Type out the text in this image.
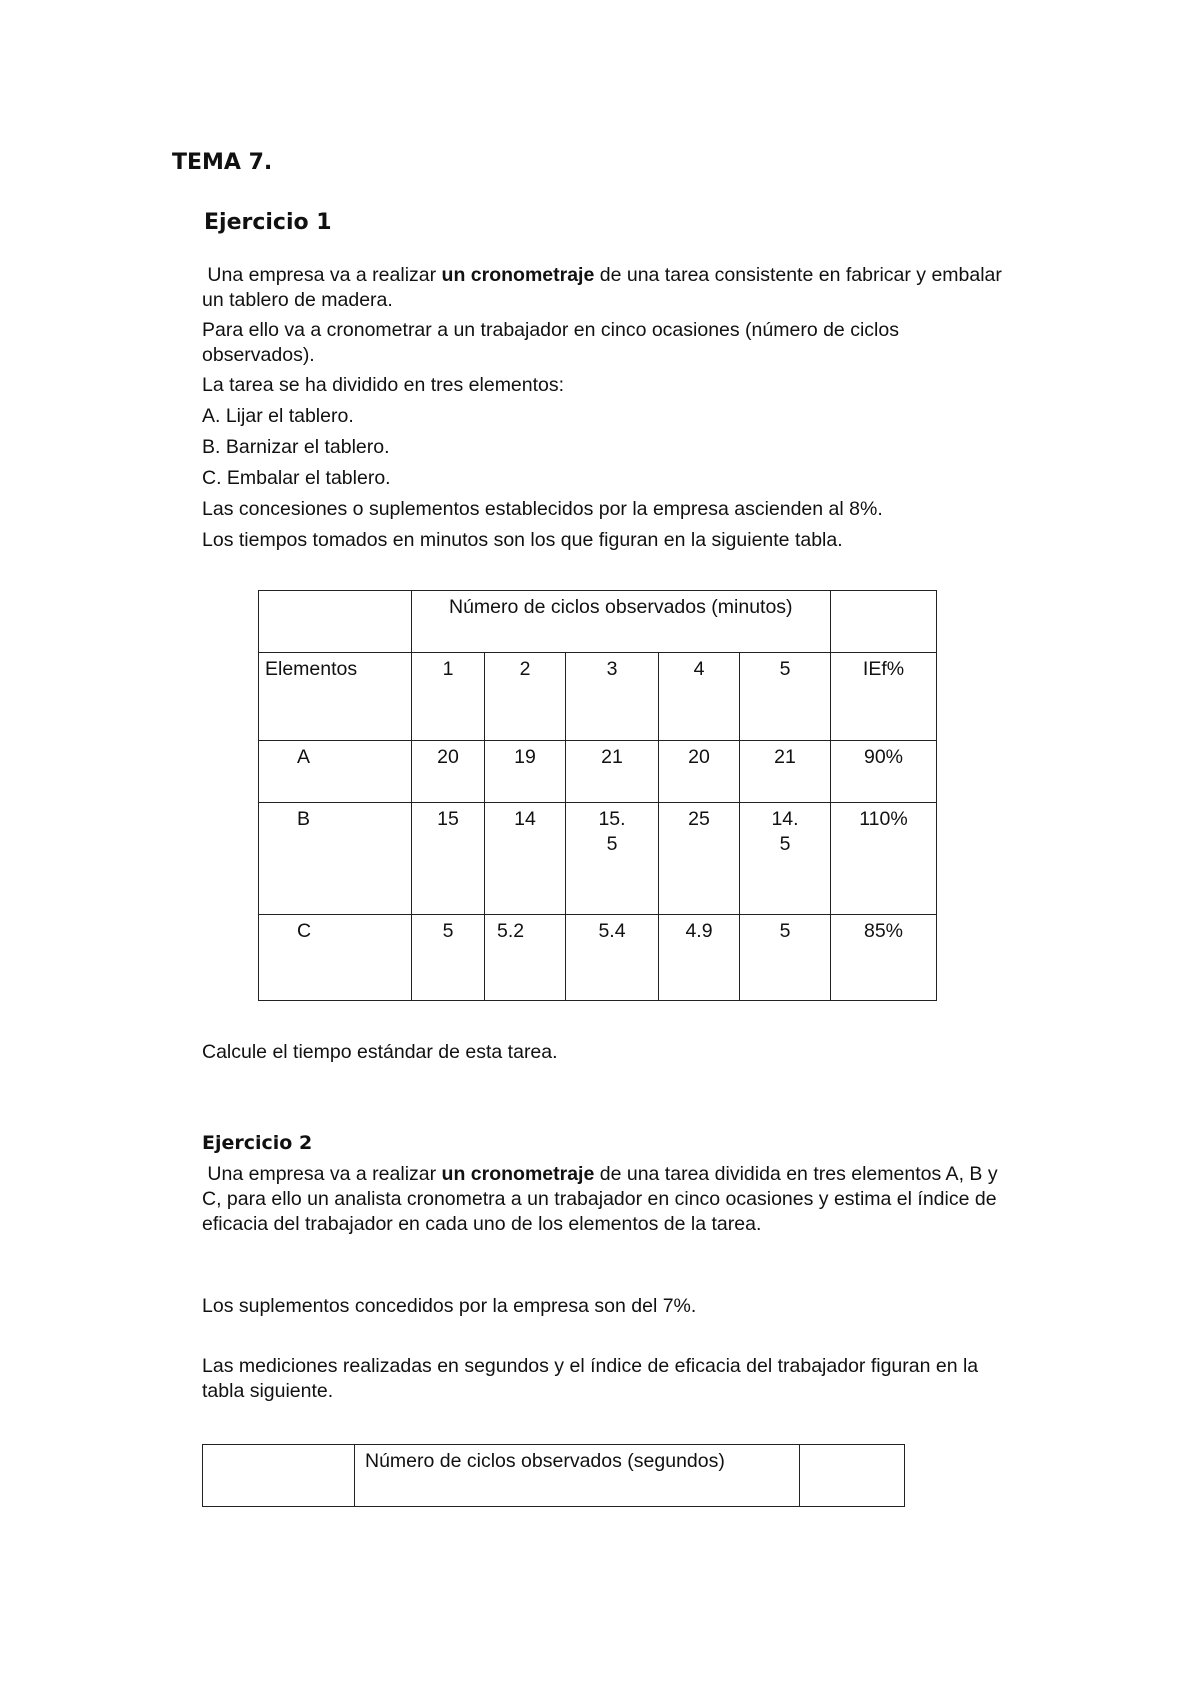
TEMA 7.
Ejercicio 1

Una empresa va a realizar un cronometraje de una tarea consistente en fabricar y embalar un tablero de madera.

Para ello va a cronometrar a un trabajador en cinco ocasiones (número de ciclos observados).

La tarea se ha dividido en tres elementos:

A. Lijar el tablero.

B. Barnizar el tablero.

C. Embalar el tablero.

Las concesiones o suplementos establecidos por la empresa ascienden al 8%.

Los tiempos tomados en minutos son los que figuran en la siguiente tabla.

	Número de ciclos observados (minutos)					
Elementos	1	2	3	4	5	IEf%
A	20	19	21	20	21	90%
B	15	14	15.5	25	14.5	110%
C	5	5.2	5.4	4.9	5	85%

Calcule el tiempo estándar de esta tarea.

Ejercicio 2

Una empresa va a realizar un cronometraje de una tarea dividida en tres elementos A, B y C, para ello un analista cronometra a un trabajador en cinco ocasiones y estima el índice de eficacia del trabajador en cada uno de los elementos de la tarea.

Los suplementos concedidos por la empresa son del 7%.

Las mediciones realizadas en segundos y el índice de eficacia del trabajador figuran en la tabla siguiente.

	Número de ciclos observados (segundos)	
